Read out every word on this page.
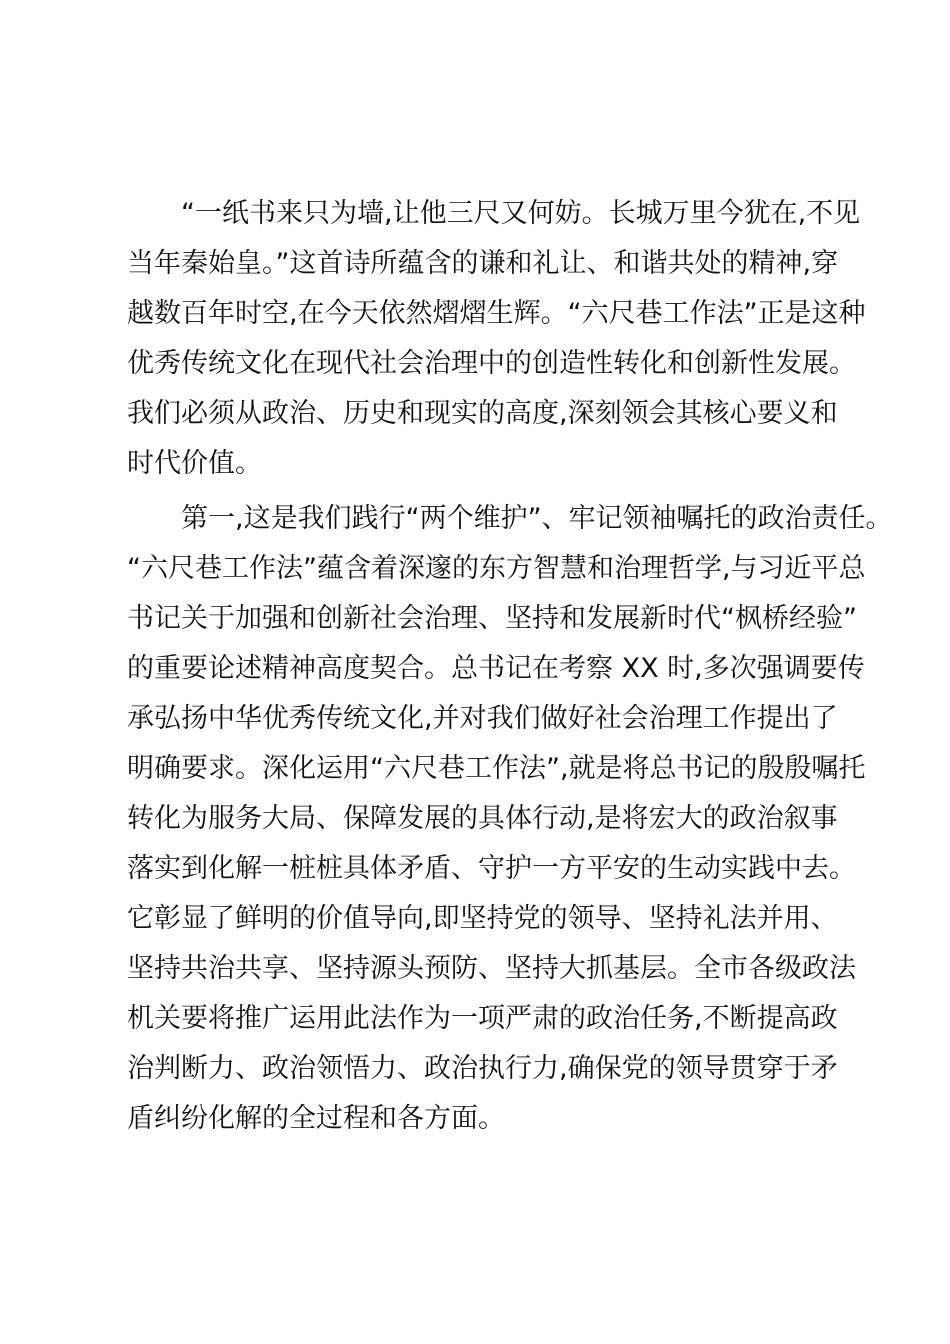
“一纸书来只为墙,让他三尺又何妨。长城万里今犹在,不见
当年秦始皇。”这首诗所蕴含的谦和礼让、和谐共处的精神,穿
越数百年时空,在今天依然熠熠生辉。“六尺巷工作法”正是这种
优秀传统文化在现代社会治理中的创造性转化和创新性发展。
我们必须从政治、历史和现实的高度,深刻领会其核心要义和
时代价值。
第一,这是我们践行“两个维护”、牢记领袖嘱托的政治责任。
“六尺巷工作法”蕴含着深邃的东方智慧和治理哲学,与习近平总
书记关于加强和创新社会治理、坚持和发展新时代“枫桥经验”
的重要论述精神高度契合。总书记在考察 XX 时,多次强调要传
承弘扬中华优秀传统文化,并对我们做好社会治理工作提出了
明确要求。深化运用“六尺巷工作法”,就是将总书记的殷殷嘱托
转化为服务大局、保障发展的具体行动,是将宏大的政治叙事
落实到化解一桩桩具体矛盾、守护一方平安的生动实践中去。
它彰显了鲜明的价值导向,即坚持党的领导、坚持礼法并用、
坚持共治共享、坚持源头预防、坚持大抓基层。全市各级政法
机关要将推广运用此法作为一项严肃的政治任务,不断提高政
治判断力、政治领悟力、政治执行力,确保党的领导贯穿于矛
盾纠纷化解的全过程和各方面。
